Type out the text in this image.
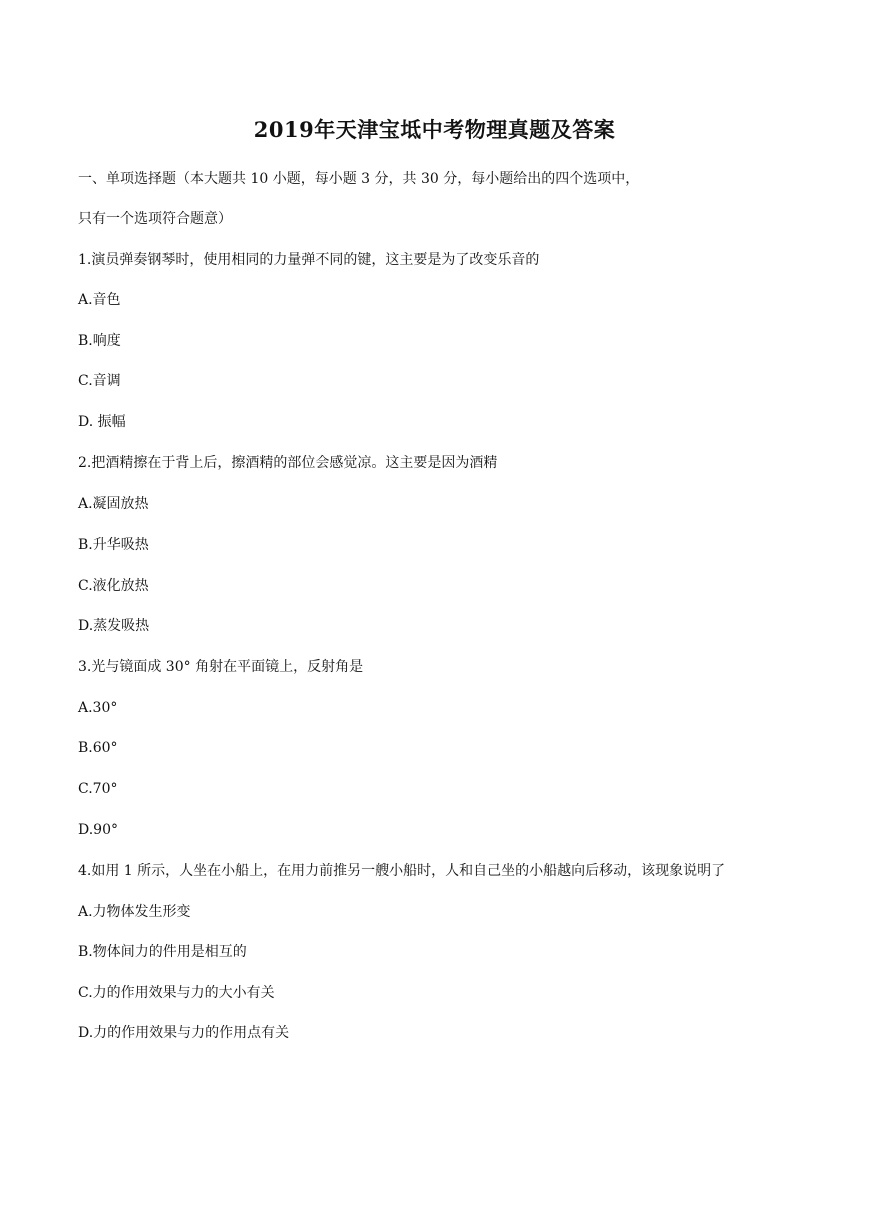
2019年天津宝坻中考物理真题及答案
一、单项选择题（本大题共 10 小题，每小题 3 分，共 30 分，每小题给出的四个选项中，
只有一个选项符合题意）
1.演员弹奏钢琴时，使用相同的力量弹不同的键，这主要是为了改变乐音的
A.音色
B.响度
C.音调
D. 振幅
2.把酒精擦在于背上后，擦酒精的部位会感觉凉。这主要是因为酒精
A.凝固放热
B.升华吸热
C.液化放热
D.蒸发吸热
3.光与镜面成 30° 角射在平面镜上，反射角是
A.30°
B.60°
C.70°
D.90°
4.如用 1 所示，人坐在小船上，在用力前推另一艘小船时，人和自己坐的小船越向后移动，该现象说明了
A.力物体发生形变
B.物体间力的件用是相互的
C.力的作用效果与力的大小有关
D.力的作用效果与力的作用点有关
